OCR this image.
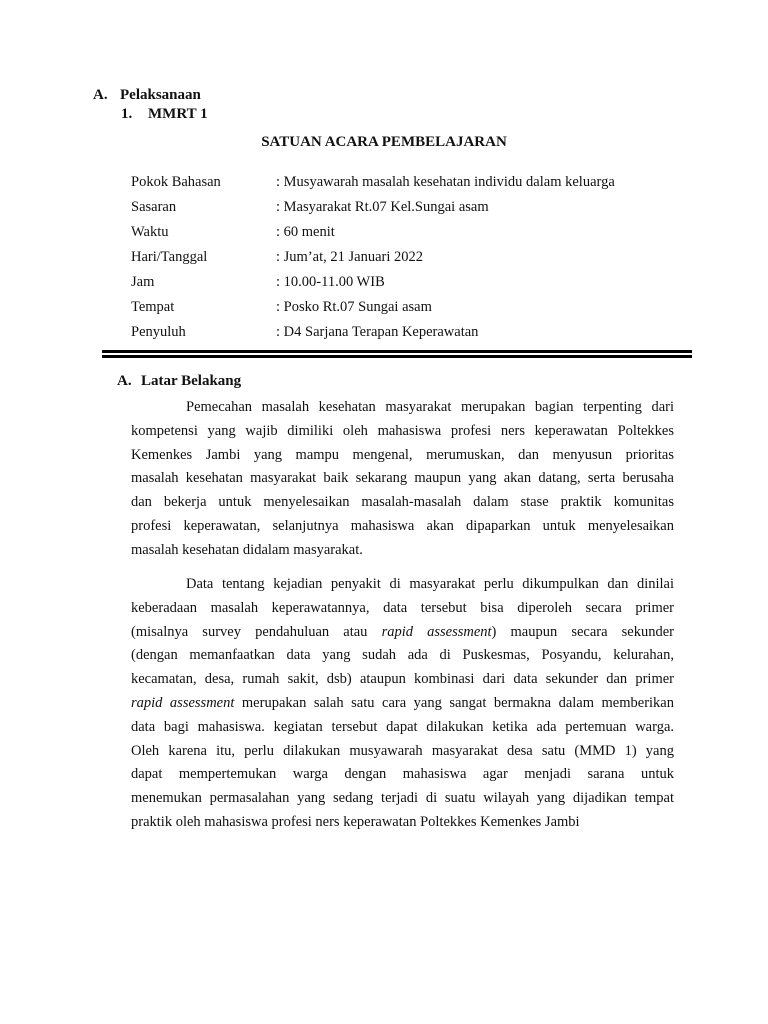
A. Pelaksanaan
1. MMRT 1
SATUAN ACARA PEMBELAJARAN
Pokok Bahasan	: Musyawarah masalah kesehatan individu dalam keluarga
Sasaran	: Masyarakat Rt.07 Kel.Sungai asam
Waktu	: 60 menit
Hari/Tanggal	: Jum’at, 21 Januari 2022
Jam	: 10.00-11.00 WIB
Tempat	: Posko Rt.07 Sungai asam
Penyuluh	: D4 Sarjana Terapan Keperawatan
A. Latar Belakang
Pemecahan masalah kesehatan masyarakat merupakan bagian terpenting dari
kompetensi yang wajib dimiliki oleh mahasiswa profesi ners keperawatan Poltekkes
Kemenkes Jambi yang mampu mengenal, merumuskan, dan menyusun prioritas
masalah kesehatan masyarakat baik sekarang maupun yang akan datang, serta berusaha
dan bekerja untuk menyelesaikan masalah-masalah dalam stase praktik komunitas
profesi keperawatan, selanjutnya mahasiswa akan dipaparkan untuk menyelesaikan
masalah kesehatan didalam masyarakat.
Data tentang kejadian penyakit di masyarakat perlu dikumpulkan dan dinilai
keberadaan masalah keperawatannya, data tersebut bisa diperoleh secara primer
(misalnya survey pendahuluan atau rapid assessment) maupun secara sekunder
(dengan memanfaatkan data yang sudah ada di Puskesmas, Posyandu, kelurahan,
kecamatan, desa, rumah sakit, dsb) ataupun kombinasi dari data sekunder dan primer
rapid assessment merupakan salah satu cara yang sangat bermakna dalam memberikan
data bagi mahasiswa. kegiatan tersebut dapat dilakukan ketika ada pertemuan warga.
Oleh karena itu, perlu dilakukan musyawarah masyarakat desa satu (MMD 1) yang
dapat mempertemukan warga dengan mahasiswa agar menjadi sarana untuk
menemukan permasalahan yang sedang terjadi di suatu wilayah yang dijadikan tempat
praktik oleh mahasiswa profesi ners keperawatan Poltekkes Kemenkes Jambi
